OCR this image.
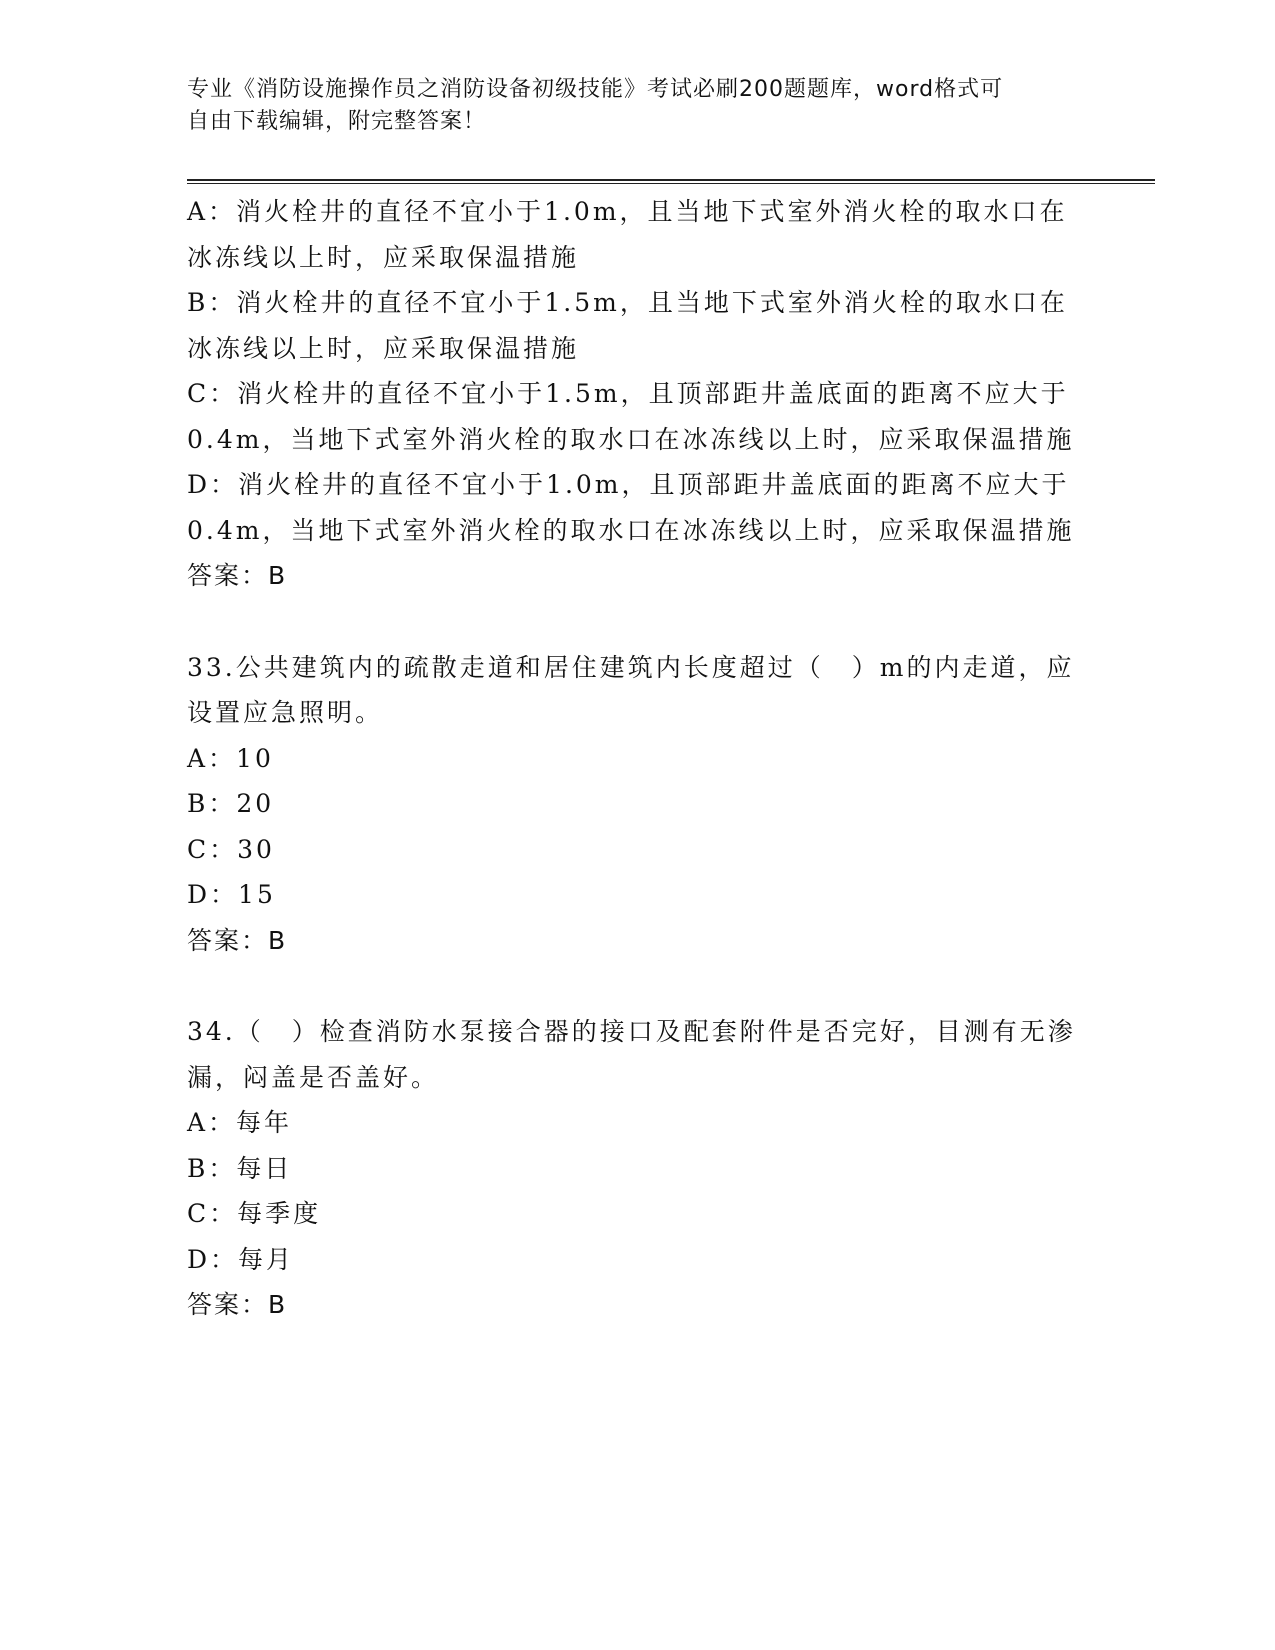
专业《消防设施操作员之消防设备初级技能》考试必刷200题题库，word格式可
自由下载编辑，附完整答案！

A：消火栓井的直径不宜小于1.0m，且当地下式室外消火栓的取水口在冰冻线以上时，应采取保温措施

B：消火栓井的直径不宜小于1.5m，且当地下式室外消火栓的取水口在冰冻线以上时，应采取保温措施

C：消火栓井的直径不宜小于1.5m，且顶部距井盖底面的距离不应大于0.4m，当地下式室外消火栓的取水口在冰冻线以上时，应采取保温措施

D：消火栓井的直径不宜小于1.0m，且顶部距井盖底面的距离不应大于0.4m，当地下式室外消火栓的取水口在冰冻线以上时，应采取保温措施

答案：B

33.公共建筑内的疏散走道和居住建筑内长度超过（　）m的内走道，应设置应急照明。

A：10

B：20

C：30

D：15

答案：B

34.（　）检查消防水泵接合器的接口及配套附件是否完好，目测有无渗漏，闷盖是否盖好。

A：每年

B：每日

C：每季度

D：每月

答案：B
